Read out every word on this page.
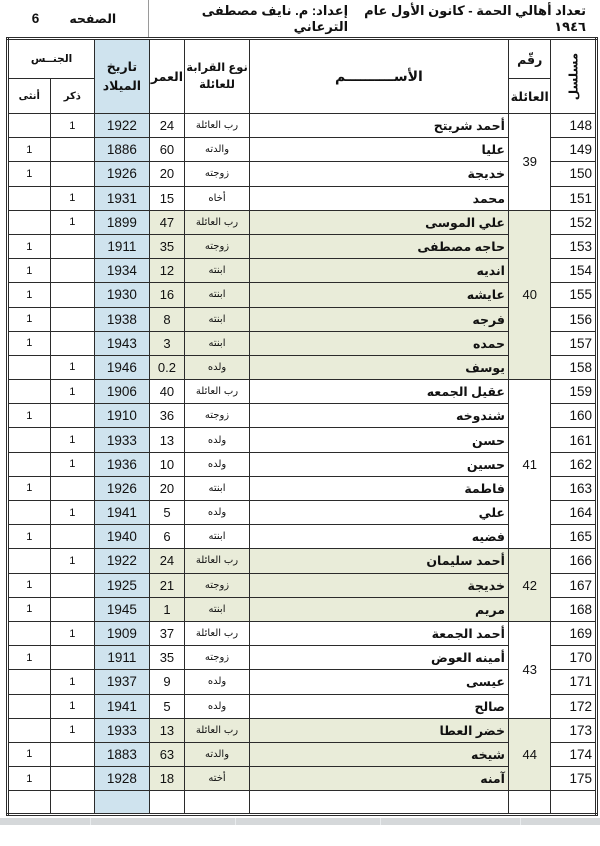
تعداد أهالي الحمة - كانون الأول عام ١٩٤٦
إعداد: م. نايف مصطفى الترعاني
الصفحه
6
مسلسل	رقّم	الأســــــــــم	نوع القرابة
للعائلة	العمر	تاريخ
الميلاد	الجنــس	
	العائلة					ذكر	أنثى
148	39	أحمد شريتح	رب العائلة	24	1922	1	
149		عليا	والدته	60	1886		1
150		خديجة	زوجته	20	1926		1
151		محمد	أخاه	15	1931	1	
152	40	علي الموسى	رب العائلة	47	1899	1	
153		حاجه مصطفى	زوجته	35	1911		1
154		انديه	ابنته	12	1934		1
155		عايشه	ابنته	16	1930		1
156		فرجه	ابنته	8	1938		1
157		حمده	ابنته	3	1943		1
158		يوسف	ولده	0.2	1946	1	
159	41	عقيل الجمعه	رب العائلة	40	1906	1	
160		شندوخه	زوجته	36	1910		1
161		حسن	ولده	13	1933	1	
162		حسين	ولده	10	1936	1	
163		فاطمة	ابنته	20	1926		1
164		علي	ولده	5	1941	1	
165		فضيه	ابنته	6	1940		1
166	42	أحمد سليمان	رب العائلة	24	1922	1	
167		خديجة	زوجته	21	1925		1
168		مريم	ابنته	1	1945		1
169	43	أحمد الجمعة	رب العائلة	37	1909	1	
170		أمينه العوض	زوجته	35	1911		1
171		عيسى	ولده	9	1937	1	
172		صالح	ولده	5	1941	1	
173	44	خضر العطا	رب العائلة	13	1933	1	
174		شيخه	والدته	63	1883		1
175		آمنه	أخته	18	1928		1
